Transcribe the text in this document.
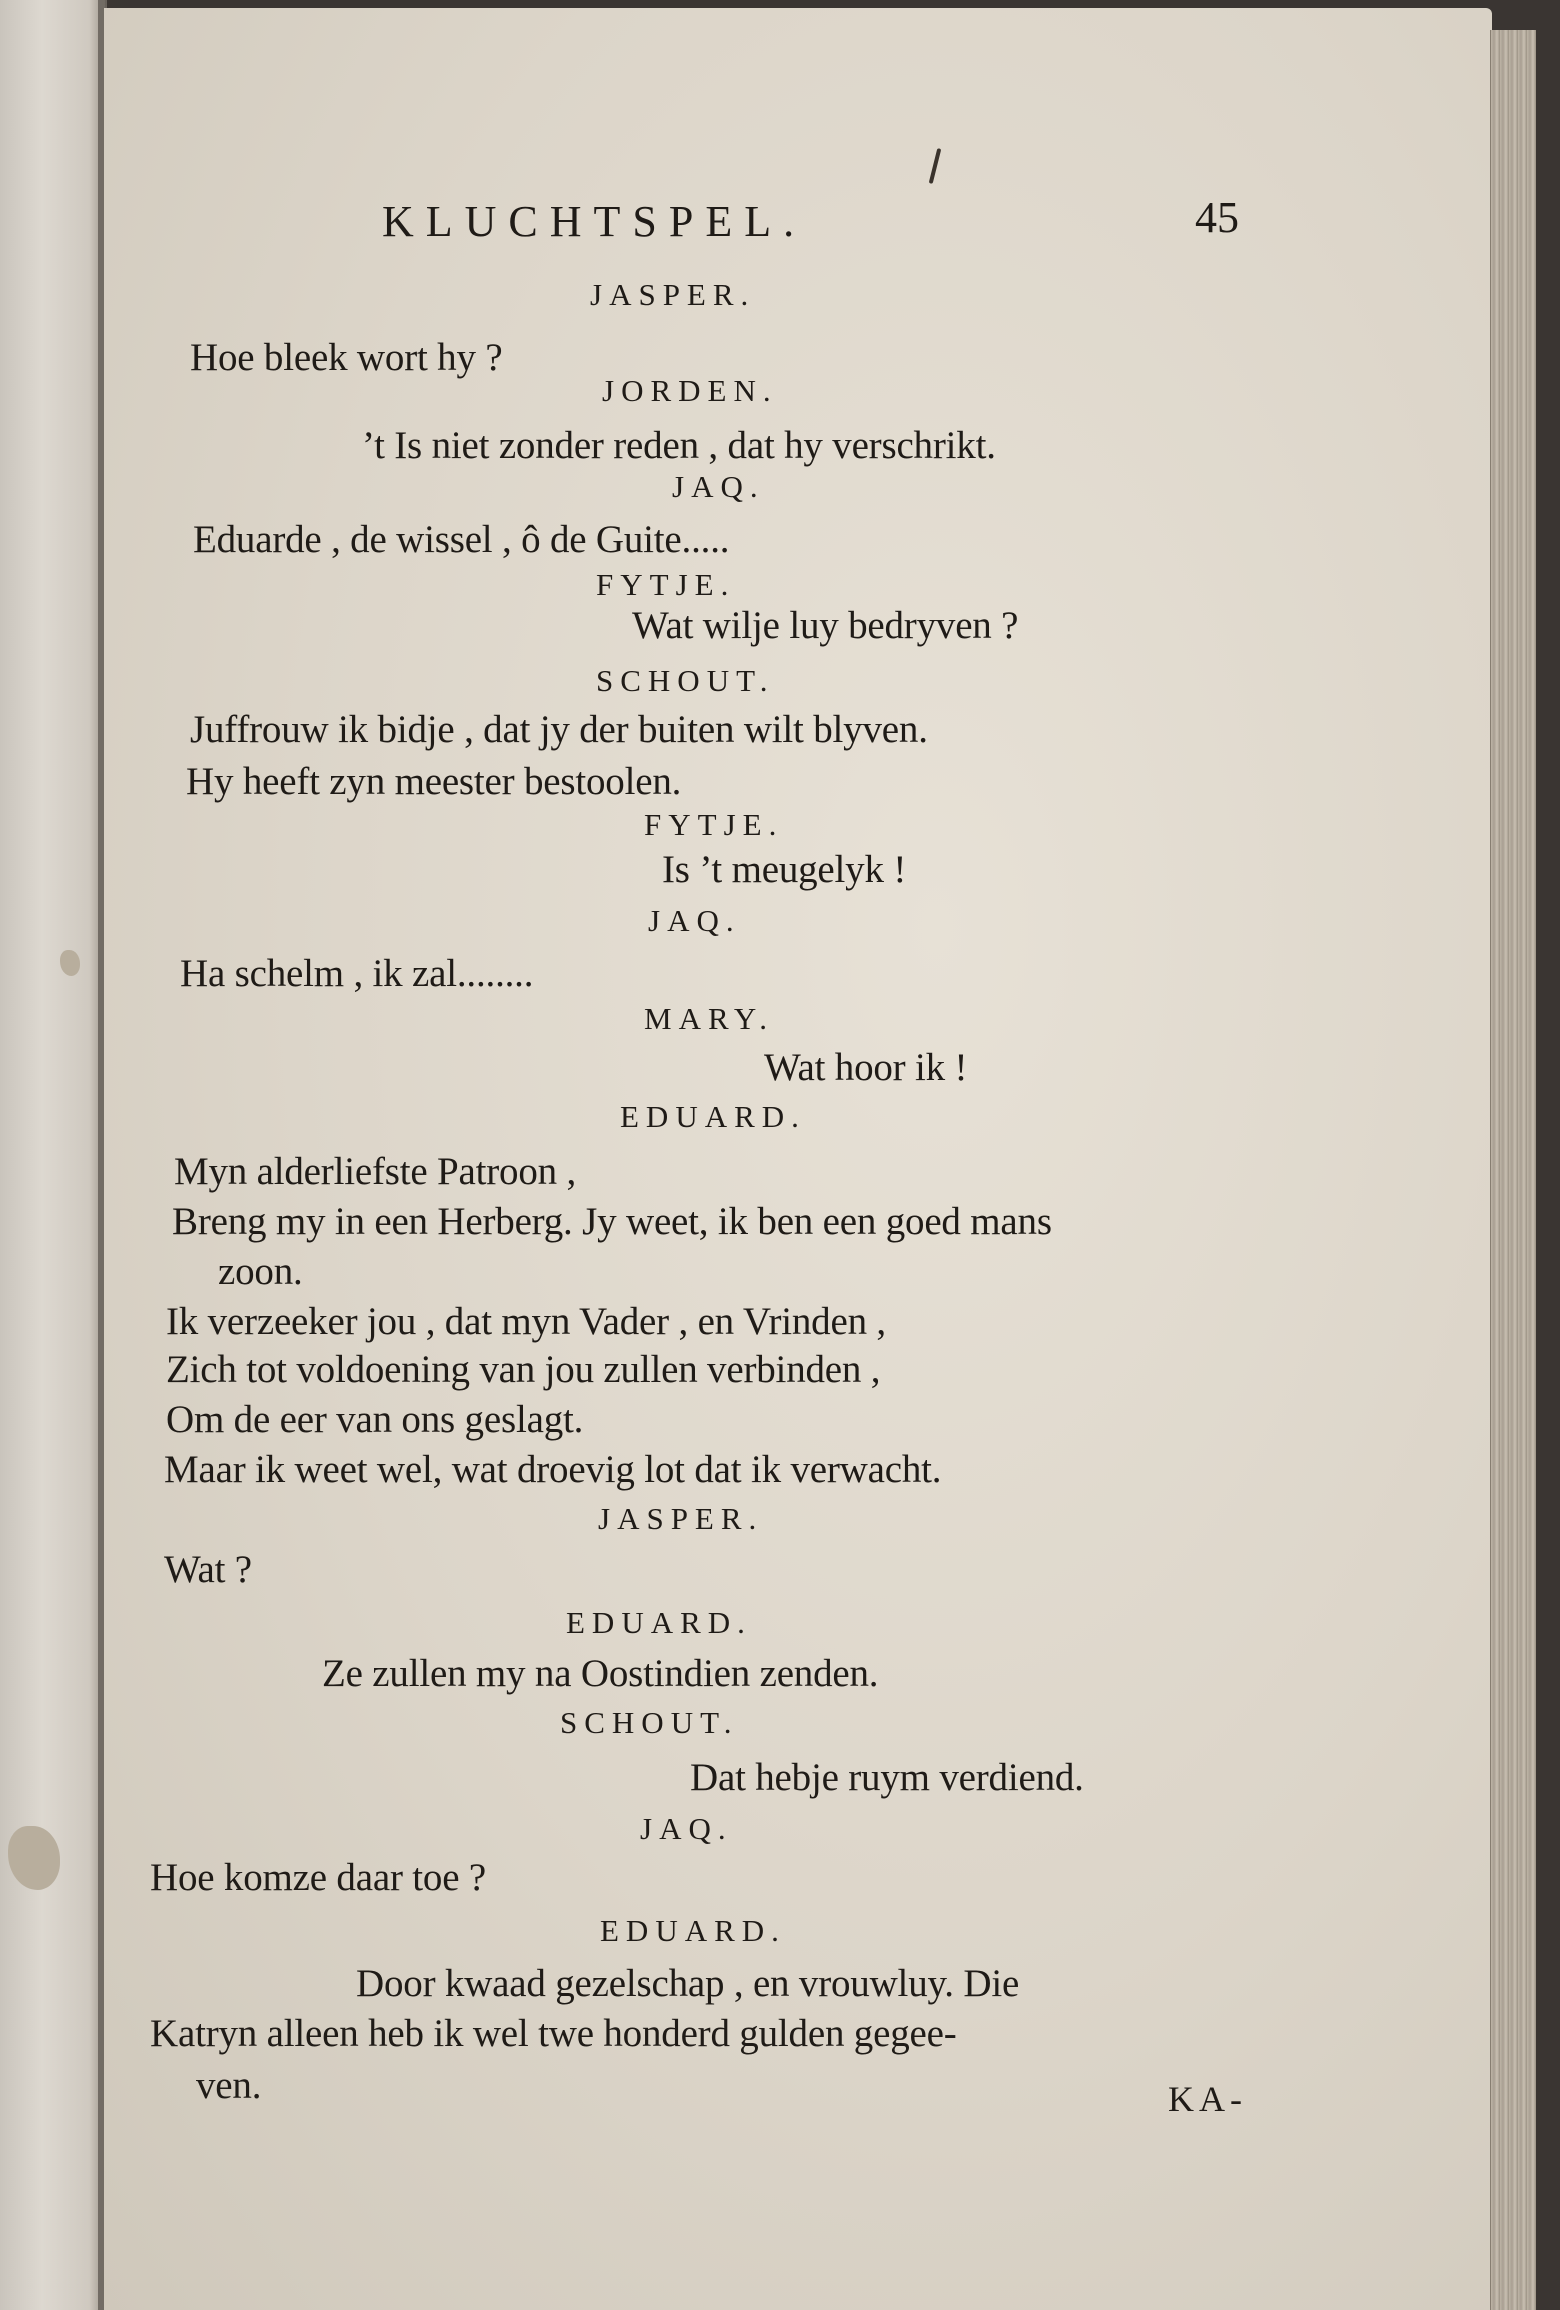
KLUCHTSPEL.	45
JASPER.
Hoe bleek wort hy ?
JORDEN.
’t Is niet zonder reden , dat hy verschrikt.
JAQ.
Eduarde , de wissel , ô de Guite.....
FYTJE.
Wat wilje luy bedryven ?
SCHOUT.
Juffrouw ik bidje , dat jy der buiten wilt blyven.
Hy heeft zyn meester bestoolen.
FYTJE.
Is ’t meugelyk !
JAQ.
Ha schelm , ik zal........
MARY.
Wat hoor ik !
EDUARD.
Myn alderliefste Patroon ,
Breng my in een Herberg. Jy weet, ik ben een goed mans
zoon.
Ik verzeeker jou , dat myn Vader , en Vrinden ,
Zich tot voldoening van jou zullen verbinden ,
Om de eer van ons geslagt.
Maar ik weet wel, wat droevig lot dat ik verwacht.
JASPER.
Wat ?
EDUARD.
Ze zullen my na Oostindien zenden.
SCHOUT.
Dat hebje ruym verdiend.
JAQ.
Hoe komze daar toe ?
EDUARD.
Door kwaad gezelschap , en vrouwluy. Die
Katryn alleen heb ik wel twe honderd gulden gegee-
ven.	KA-
